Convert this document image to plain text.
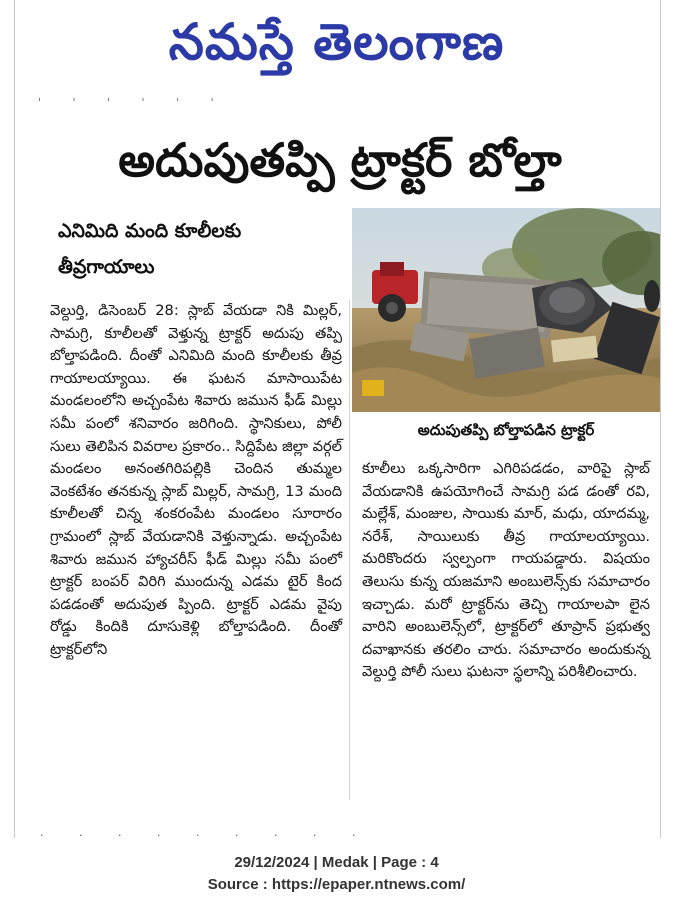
నమస్తే తెలంగాణ
' ' ' ' ' '
అదుపుతప్పి ట్రాక్టర్ బోల్తా
ఎనిమిది మంది కూలీలకు
తీవ్రగాయాలు
అదుపుతప్పి బోల్తాపడిన ట్రాక్టర్

వెల్దుర్తి, డిసెంబర్ 28: స్లాబ్ వేయడా నికి మిల్లర్, సామగ్రి, కూలీలతో వెళ్తున్న ట్రాక్టర్ అదుపు తప్పి బోల్తాపడింది. దీంతో ఎనిమిది మంది కూలీలకు తీవ్ర గాయాలయ్యాయి. ఈ ఘటన మాసాయిపేట మండలంలోని అచ్చంపేట శివారు జమున ఫీడ్ మిల్లు సమీ పంలో శనివారం జరిగింది. స్థానికులు, పోలీ సులు తెలిపిన వివరాల ప్రకారం.. సిద్దిపేట జిల్లా వర్గల్ మండలం అనంతగిరిపల్లికి చెందిన తుమ్మల వెంకటేశం తనకున్న స్లాబ్ మిల్లర్, సామగ్రి, 13 మంది కూలీలతో చిన్న శంకరంపేట మండలం సూరారం గ్రామంలో స్లాబ్ వేయడానికి వెళ్తున్నాడు. అచ్చంపేట శివారు జమున హ్యాచరీస్ ఫీడ్ మిల్లు సమీ పంలో ట్రాక్టర్ బంపర్ విరిగి ముందున్న ఎడమ టైర్ కింద పడడంతో అదుపుత ప్పింది. ట్రాక్టర్ ఎడమ వైపు రోడ్డు కిందికి దూసుకెళ్లి బోల్తాపడింది. దీంతో ట్రాక్టర్‌లోని

కూలీలు ఒక్కసారిగా ఎగిరిపడడం, వారిపై స్లాబ్ వేయడానికి ఉపయోగించే సామగ్రి పడ డంతో రవి, మల్లేశ్, మంజుల, సాయికు మార్, మధు, యాదమ్మ, నరేశ్, సాయిలుకు తీవ్ర గాయాలయ్యాయి. మరికొందరు స్వల్పంగా గాయపడ్డారు. విషయం తెలుసు కున్న యజమాని అంబులెన్స్‌కు సమాచారం ఇచ్చాడు. మరో ట్రాక్టర్‌ను తెచ్చి గాయాలపా లైన వారిని అంబులెన్స్‌లో, ట్రాక్టర్‌లో తూప్రాన్ ప్రభుత్వ దవాఖానకు తరలిం చారు. సమాచారం అందుకున్న వెల్దుర్తి పోలీ సులు ఘటనా స్థలాన్ని పరిశీలించారు.

. . . . . . . . .
29/12/2024 | Medak | Page : 4
Source : https://epaper.ntnews.com/
